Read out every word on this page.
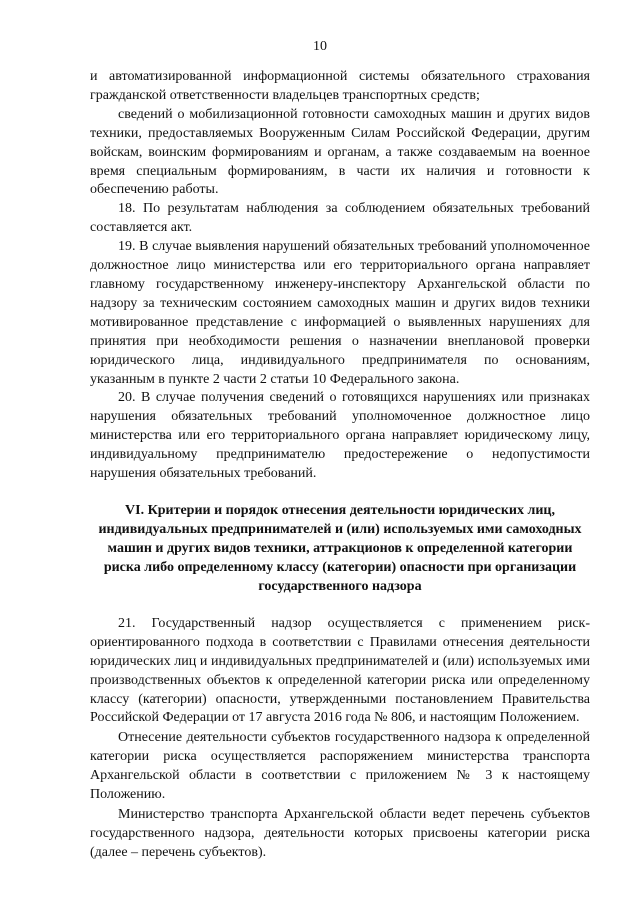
10

и автоматизированной информационной системы обязательного страхования гражданской ответственности владельцев транспортных средств;

сведений о мобилизационной готовности самоходных машин и других видов техники, предоставляемых Вооруженным Силам Российской Федерации, другим войскам, воинским формированиям и органам, а также создаваемым на военное время специальным формированиям, в части их наличия и готовности к обеспечению работы.

18. По результатам наблюдения за соблюдением обязательных требований составляется акт.

19. В случае выявления нарушений обязательных требований уполномоченное должностное лицо министерства или его территориального органа направляет главному государственному инженеру-инспектору Архангельской области по надзору за техническим состоянием самоходных машин и других видов техники мотивированное представление с информацией о выявленных нарушениях для принятия при необходимости решения о назначении внеплановой проверки юридического лица, индивидуального предпринимателя по основаниям, указанным в пункте 2 части 2 статьи 10 Федерального закона.

20. В случае получения сведений о готовящихся нарушениях или признаках нарушения обязательных требований уполномоченное должностное лицо министерства или его территориального органа направляет юридическому лицу, индивидуальному предпринимателю предостережение о недопустимости нарушения обязательных требований.

VI. Критерии и порядок отнесения деятельности юридических лиц, индивидуальных предпринимателей и (или) используемых ими самоходных машин и других видов техники, аттракционов к определенной категории риска либо определенному классу (категории) опасности при организации государственного надзора

21. Государственный надзор осуществляется с применением риск-ориентированного подхода в соответствии с Правилами отнесения деятельности юридических лиц и индивидуальных предпринимателей и (или) используемых ими производственных объектов к определенной категории риска или определенному классу (категории) опасности, утвержденными постановлением Правительства Российской Федерации от 17 августа 2016 года № 806, и настоящим Положением.

Отнесение деятельности субъектов государственного надзора к определенной категории риска осуществляется распоряжением министерства транспорта Архангельской области в соответствии с приложением № 3 к настоящему Положению.

Министерство транспорта Архангельской области ведет перечень субъектов государственного надзора, деятельности которых присвоены категории риска (далее – перечень субъектов).
